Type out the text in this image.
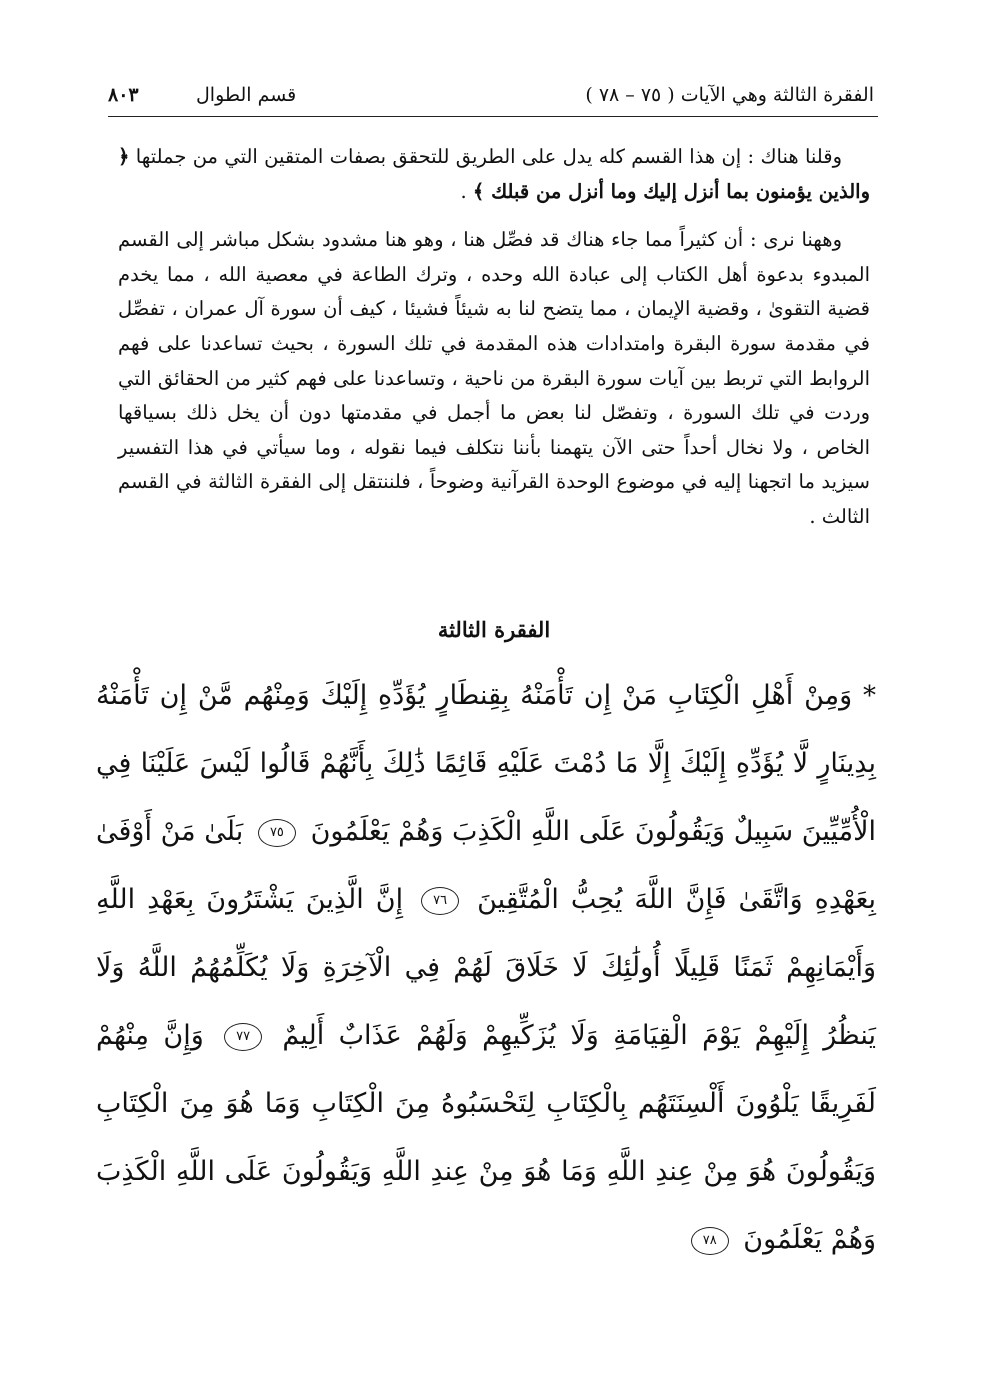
الفقرة الثالثة وهي الآيات ( ٧٥ – ٧٨ )
قسم الطوال
٨٠٣

وقلنا هناك : إن هذا القسم كله يدل على الطريق للتحقق بصفات المتقين التي من جملتها ﴿ والذين يؤمنون بما أنزل إليك وما أنزل من قبلك ﴾ .

وههنا نرى : أن كثيراً مما جاء هناك قد فصِّل هنا ، وهو هنا مشدود بشكل مباشر إلى القسم المبدوء بدعوة أهل الكتاب إلى عبادة الله وحده ، وترك الطاعة في معصية الله ، مما يخدم قضية التقوىٰ ، وقضية الإيمان ، مما يتضح لنا به شيئاً فشيئا ، كيف أن سورة آل عمران ، تفصِّل في مقدمة سورة البقرة وامتدادات هذه المقدمة في تلك السورة ، بحيث تساعدنا على فهم الروابط التي تربط بين آيات سورة البقرة من ناحية ، وتساعدنا على فهم كثير من الحقائق التي وردت في تلك السورة ، وتفصّل لنا بعض ما أجمل في مقدمتها دون أن يخل ذلك بسياقها الخاص ، ولا نخال أحداً حتى الآن يتهمنا بأننا نتكلف فيما نقوله ، وما سيأتي في هذا التفسير سيزيد ما اتجهنا إليه في موضوع الوحدة القرآنية وضوحاً ، فلننتقل إلى الفقرة الثالثة في القسم الثالث .

الفقرة الثالثة
* وَمِنْ أَهْلِ الْكِتَابِ مَنْ إِن تَأْمَنْهُ بِقِنطَارٍ يُؤَدِّهِ إِلَيْكَ وَمِنْهُم مَّنْ إِن تَأْمَنْهُ بِدِينَارٍ لَّا يُؤَدِّهِ إِلَيْكَ إِلَّا مَا دُمْتَ عَلَيْهِ قَائِمًا ذَٰلِكَ بِأَنَّهُمْ قَالُوا لَيْسَ عَلَيْنَا فِي الْأُمِّيِّينَ سَبِيلٌ وَيَقُولُونَ عَلَى اللَّهِ الْكَذِبَ وَهُمْ يَعْلَمُونَ ٧٥ بَلَىٰ مَنْ أَوْفَىٰ بِعَهْدِهِ وَاتَّقَىٰ فَإِنَّ اللَّهَ يُحِبُّ الْمُتَّقِينَ ٧٦ إِنَّ الَّذِينَ يَشْتَرُونَ بِعَهْدِ اللَّهِ وَأَيْمَانِهِمْ ثَمَنًا قَلِيلًا أُولَٰئِكَ لَا خَلَاقَ لَهُمْ فِي الْآخِرَةِ وَلَا يُكَلِّمُهُمُ اللَّهُ وَلَا يَنظُرُ إِلَيْهِمْ يَوْمَ الْقِيَامَةِ وَلَا يُزَكِّيهِمْ وَلَهُمْ عَذَابٌ أَلِيمٌ ٧٧ وَإِنَّ مِنْهُمْ لَفَرِيقًا يَلْوُونَ أَلْسِنَتَهُم بِالْكِتَابِ لِتَحْسَبُوهُ مِنَ الْكِتَابِ وَمَا هُوَ مِنَ الْكِتَابِ وَيَقُولُونَ هُوَ مِنْ عِندِ اللَّهِ وَمَا هُوَ مِنْ عِندِ اللَّهِ وَيَقُولُونَ عَلَى اللَّهِ الْكَذِبَ وَهُمْ يَعْلَمُونَ ٧٨
